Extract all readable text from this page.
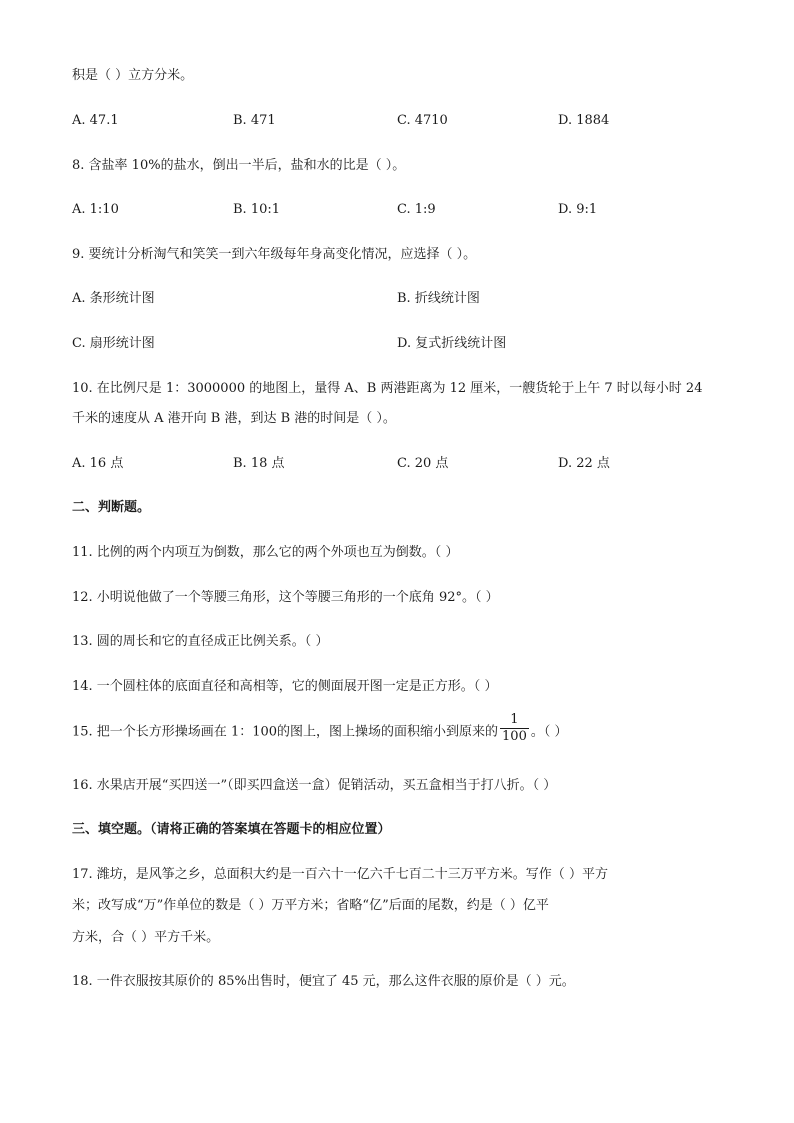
积是（ ）立方分米。
A. 47.1	B. 471	C. 4710	D. 1884
8. 含盐率 10%的盐水，倒出一半后，盐和水的比是（ ）。
A. 1:10	B. 10:1	C. 1:9	D. 9:1
9. 要统计分析淘气和笑笑一到六年级每年身高变化情况，应选择（ ）。
A. 条形统计图	B. 折线统计图
C. 扇形统计图	D. 复式折线统计图
10. 在比例尺是 1：3000000 的地图上，量得 A、B 两港距离为 12 厘米，一艘货轮于上午 7 时以每小时 24
千米的速度从 A 港开向 B 港，到达 B 港的时间是（ ）。
A. 16 点	B. 18 点	C. 20 点	D. 22 点
二、判断题。
11. 比例的两个内项互为倒数，那么它的两个外项也互为倒数。（ ）
12. 小明说他做了一个等腰三角形，这个等腰三角形的一个底角 92°。（ ）
13. 圆的周长和它的直径成正比例关系。（ ）
14. 一个圆柱体的底面直径和高相等，它的侧面展开图一定是正方形。（ ）
15. 把一个长方形操场画在 1：100的图上，图上操场的面积缩小到原来的 $\frac{1}{100}$ 。（ ）
16. 水果店开展“买四送一”（即买四盒送一盒）促销活动，买五盒相当于打八折。（ ）
三、填空题。（请将正确的答案填在答题卡的相应位置）
17. 潍坊，是风筝之乡，总面积大约是一百六十一亿六千七百二十三万平方米。写作（ ）平方
米；改写成“万”作单位的数是（ ）万平方米；省略“亿”后面的尾数，约是（ ）亿平
方米，合（ ）平方千米。
18. 一件衣服按其原价的 85%出售时，便宜了 45 元，那么这件衣服的原价是（ ）元。
